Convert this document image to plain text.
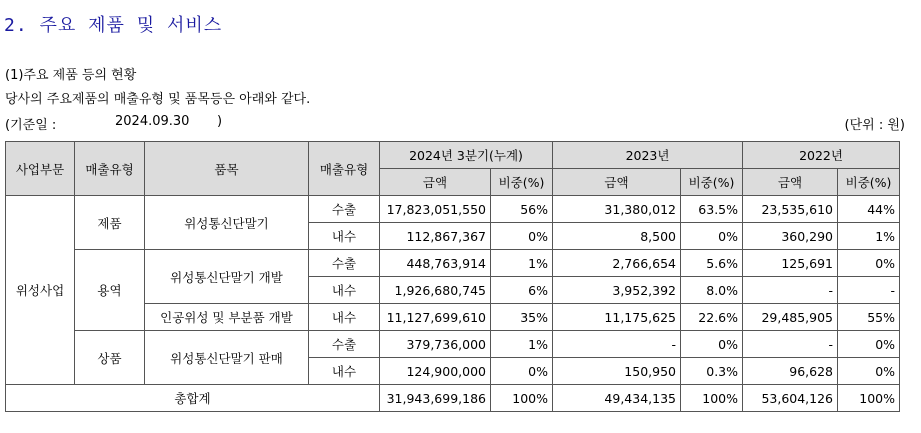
2. 주요 제품 및 서비스
(1)주요 제품 등의 현황
당사의 주요제품의 매출유형 및 품목등은 아래와 같다.
(기준일 :	2024.09.30 )	(단위 : 원)
사업부문	매출유형	품목	매출유형	2024년 3분기(누계)		2023년		2022년	
				금액	비중(%)	금액	비중(%)	금액	비중(%)
위성사업	제품	위성통신단말기	수출	17,823,051,550	56%	31,380,012	63.5%	23,535,610	44%
			내수	112,867,367	0%	8,500	0%	360,290	1%
	용역	위성통신단말기 개발	수출	448,763,914	1%	2,766,654	5.6%	125,691	0%
			내수	1,926,680,745	6%	3,952,392	8.0%	-	-
		인공위성 및 부분품 개발	내수	11,127,699,610	35%	11,175,625	22.6%	29,485,905	55%
	상품	위성통신단말기 판매	수출	379,736,000	1%	-	0%	-	0%
			내수	124,900,000	0%	150,950	0.3%	96,628	0%
총합계				31,943,699,186	100%	49,434,135	100%	53,604,126	100%
